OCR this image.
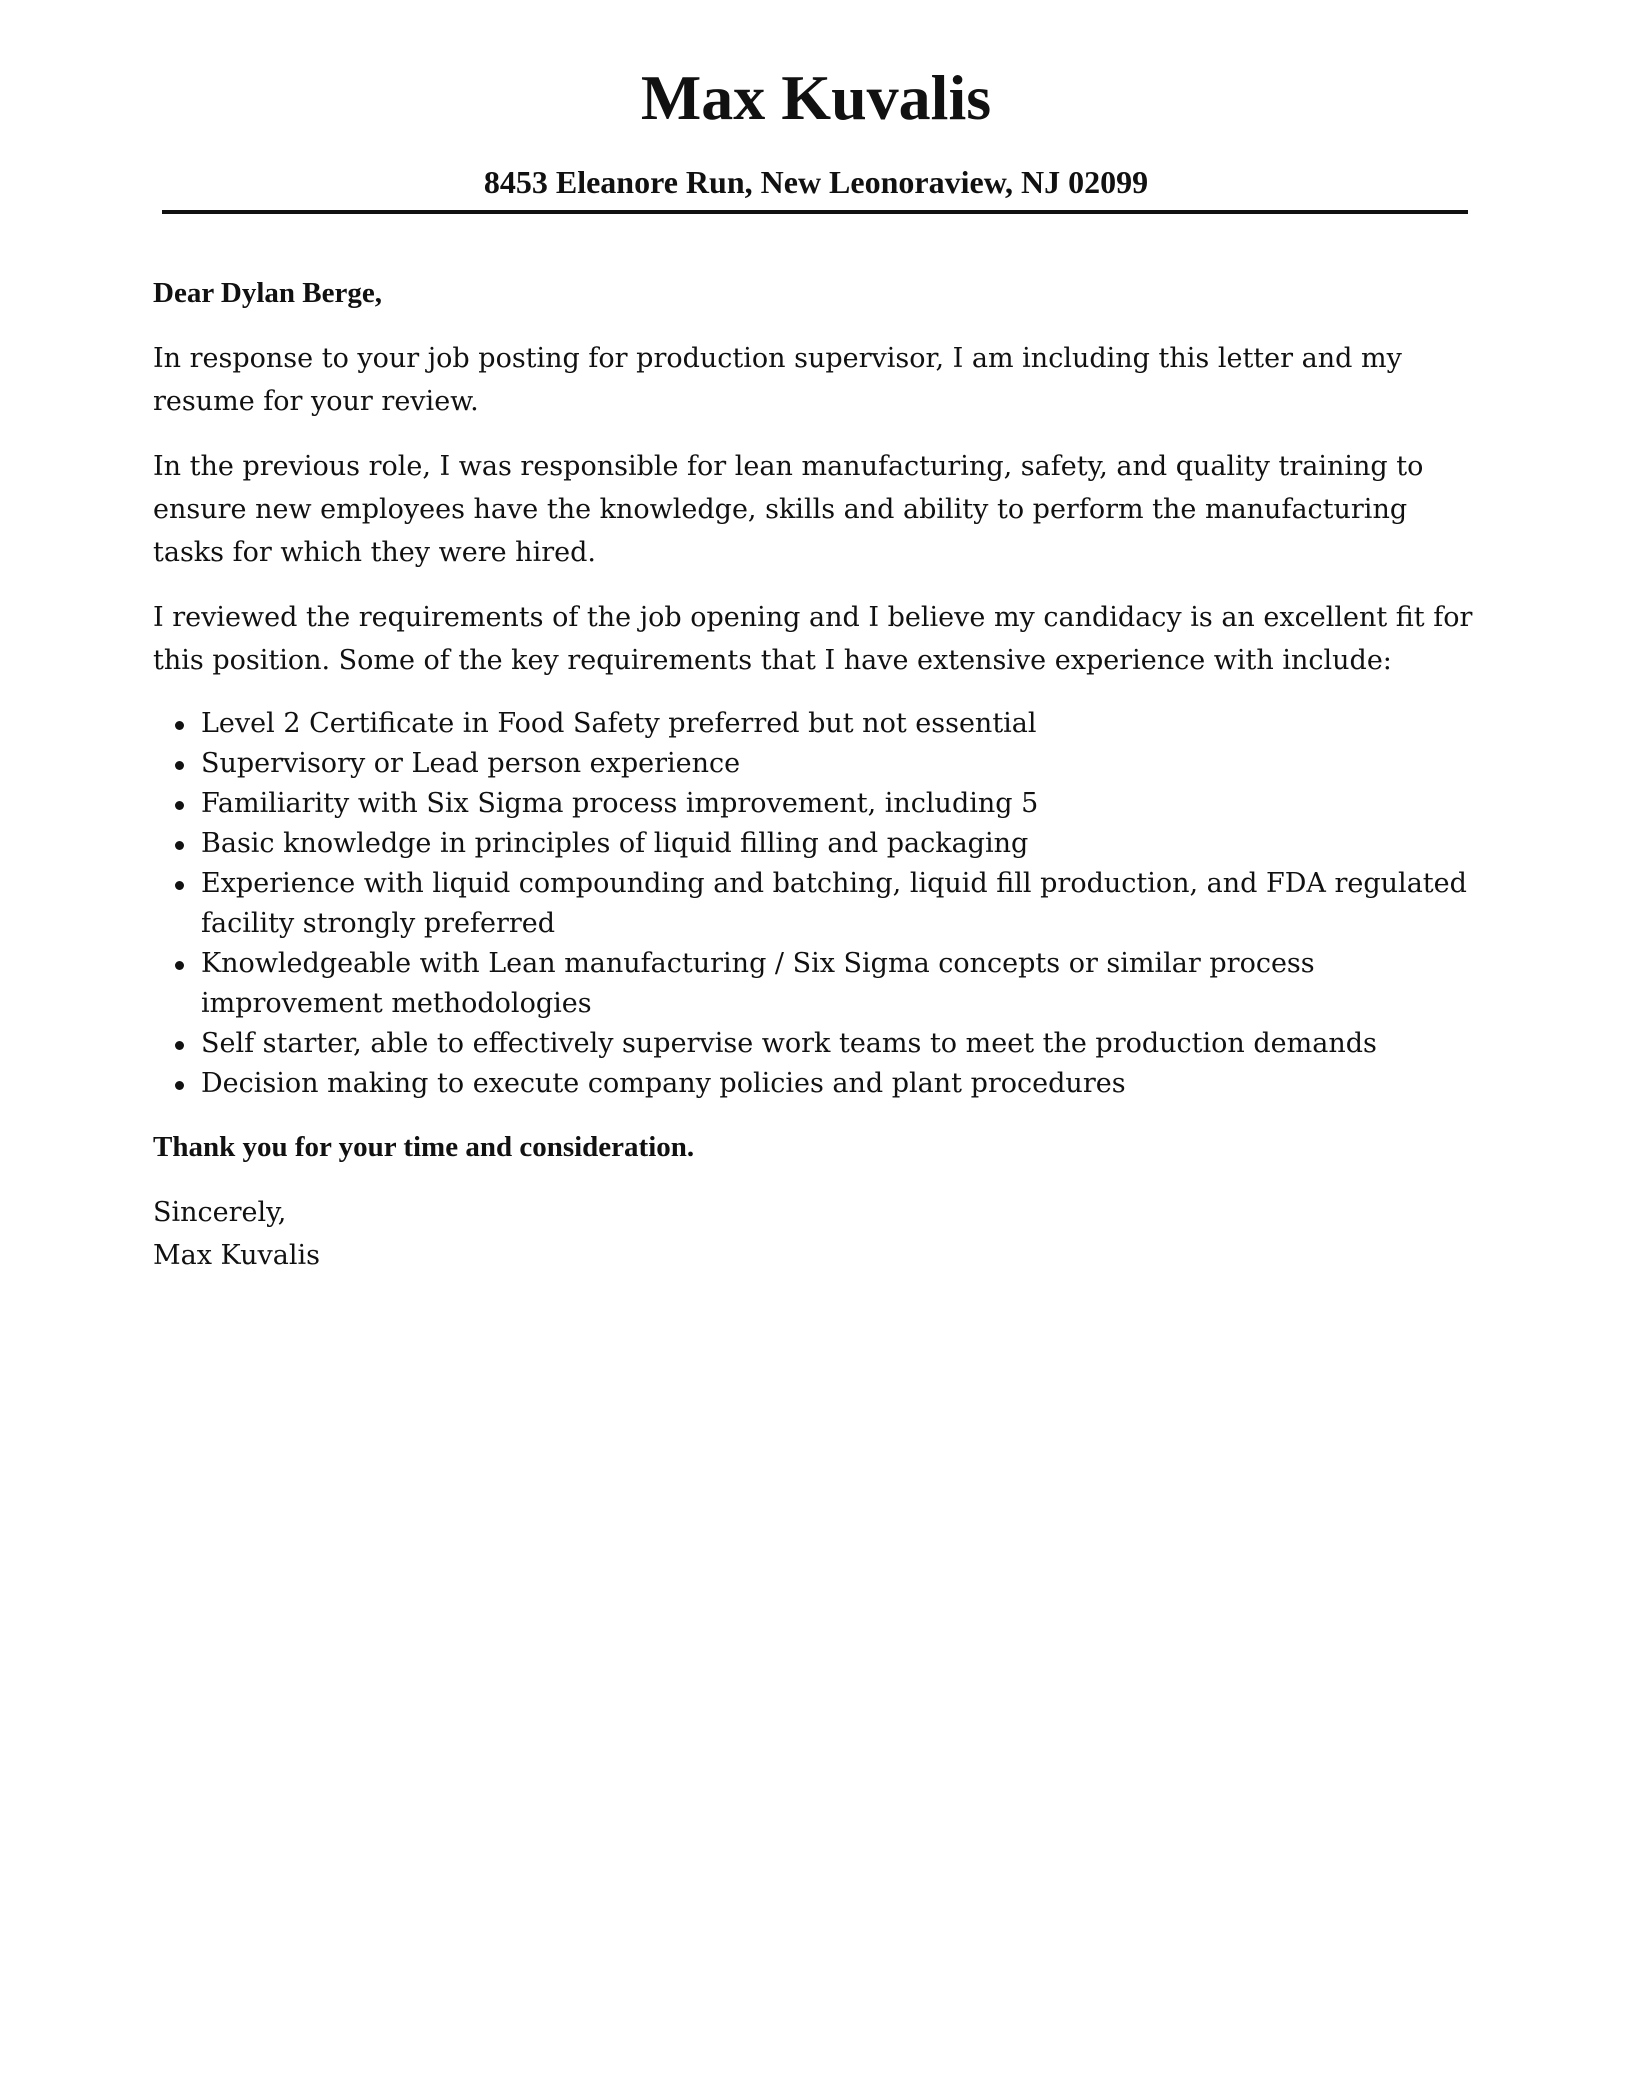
Max Kuvalis
8453 Eleanore Run, New Leonoraview, NJ 02099

Dear Dylan Berge,

In response to your job posting for production supervisor, I am including this letter and my resume for your review.

In the previous role, I was responsible for lean manufacturing, safety, and quality training to ensure new employees have the knowledge, skills and ability to perform the manufacturing tasks for which they were hired.

I reviewed the requirements of the job opening and I believe my candidacy is an excellent fit for this position. Some of the key requirements that I have extensive experience with include:

Level 2 Certificate in Food Safety preferred but not essential
Supervisory or Lead person experience
Familiarity with Six Sigma process improvement, including 5
Basic knowledge in principles of liquid filling and packaging
Experience with liquid compounding and batching, liquid fill production, and FDA regulated facility strongly preferred
Knowledgeable with Lean manufacturing / Six Sigma concepts or similar process improvement methodologies
Self starter, able to effectively supervise work teams to meet the production demands
Decision making to execute company policies and plant procedures

Thank you for your time and consideration.

Sincerely,

Max Kuvalis
